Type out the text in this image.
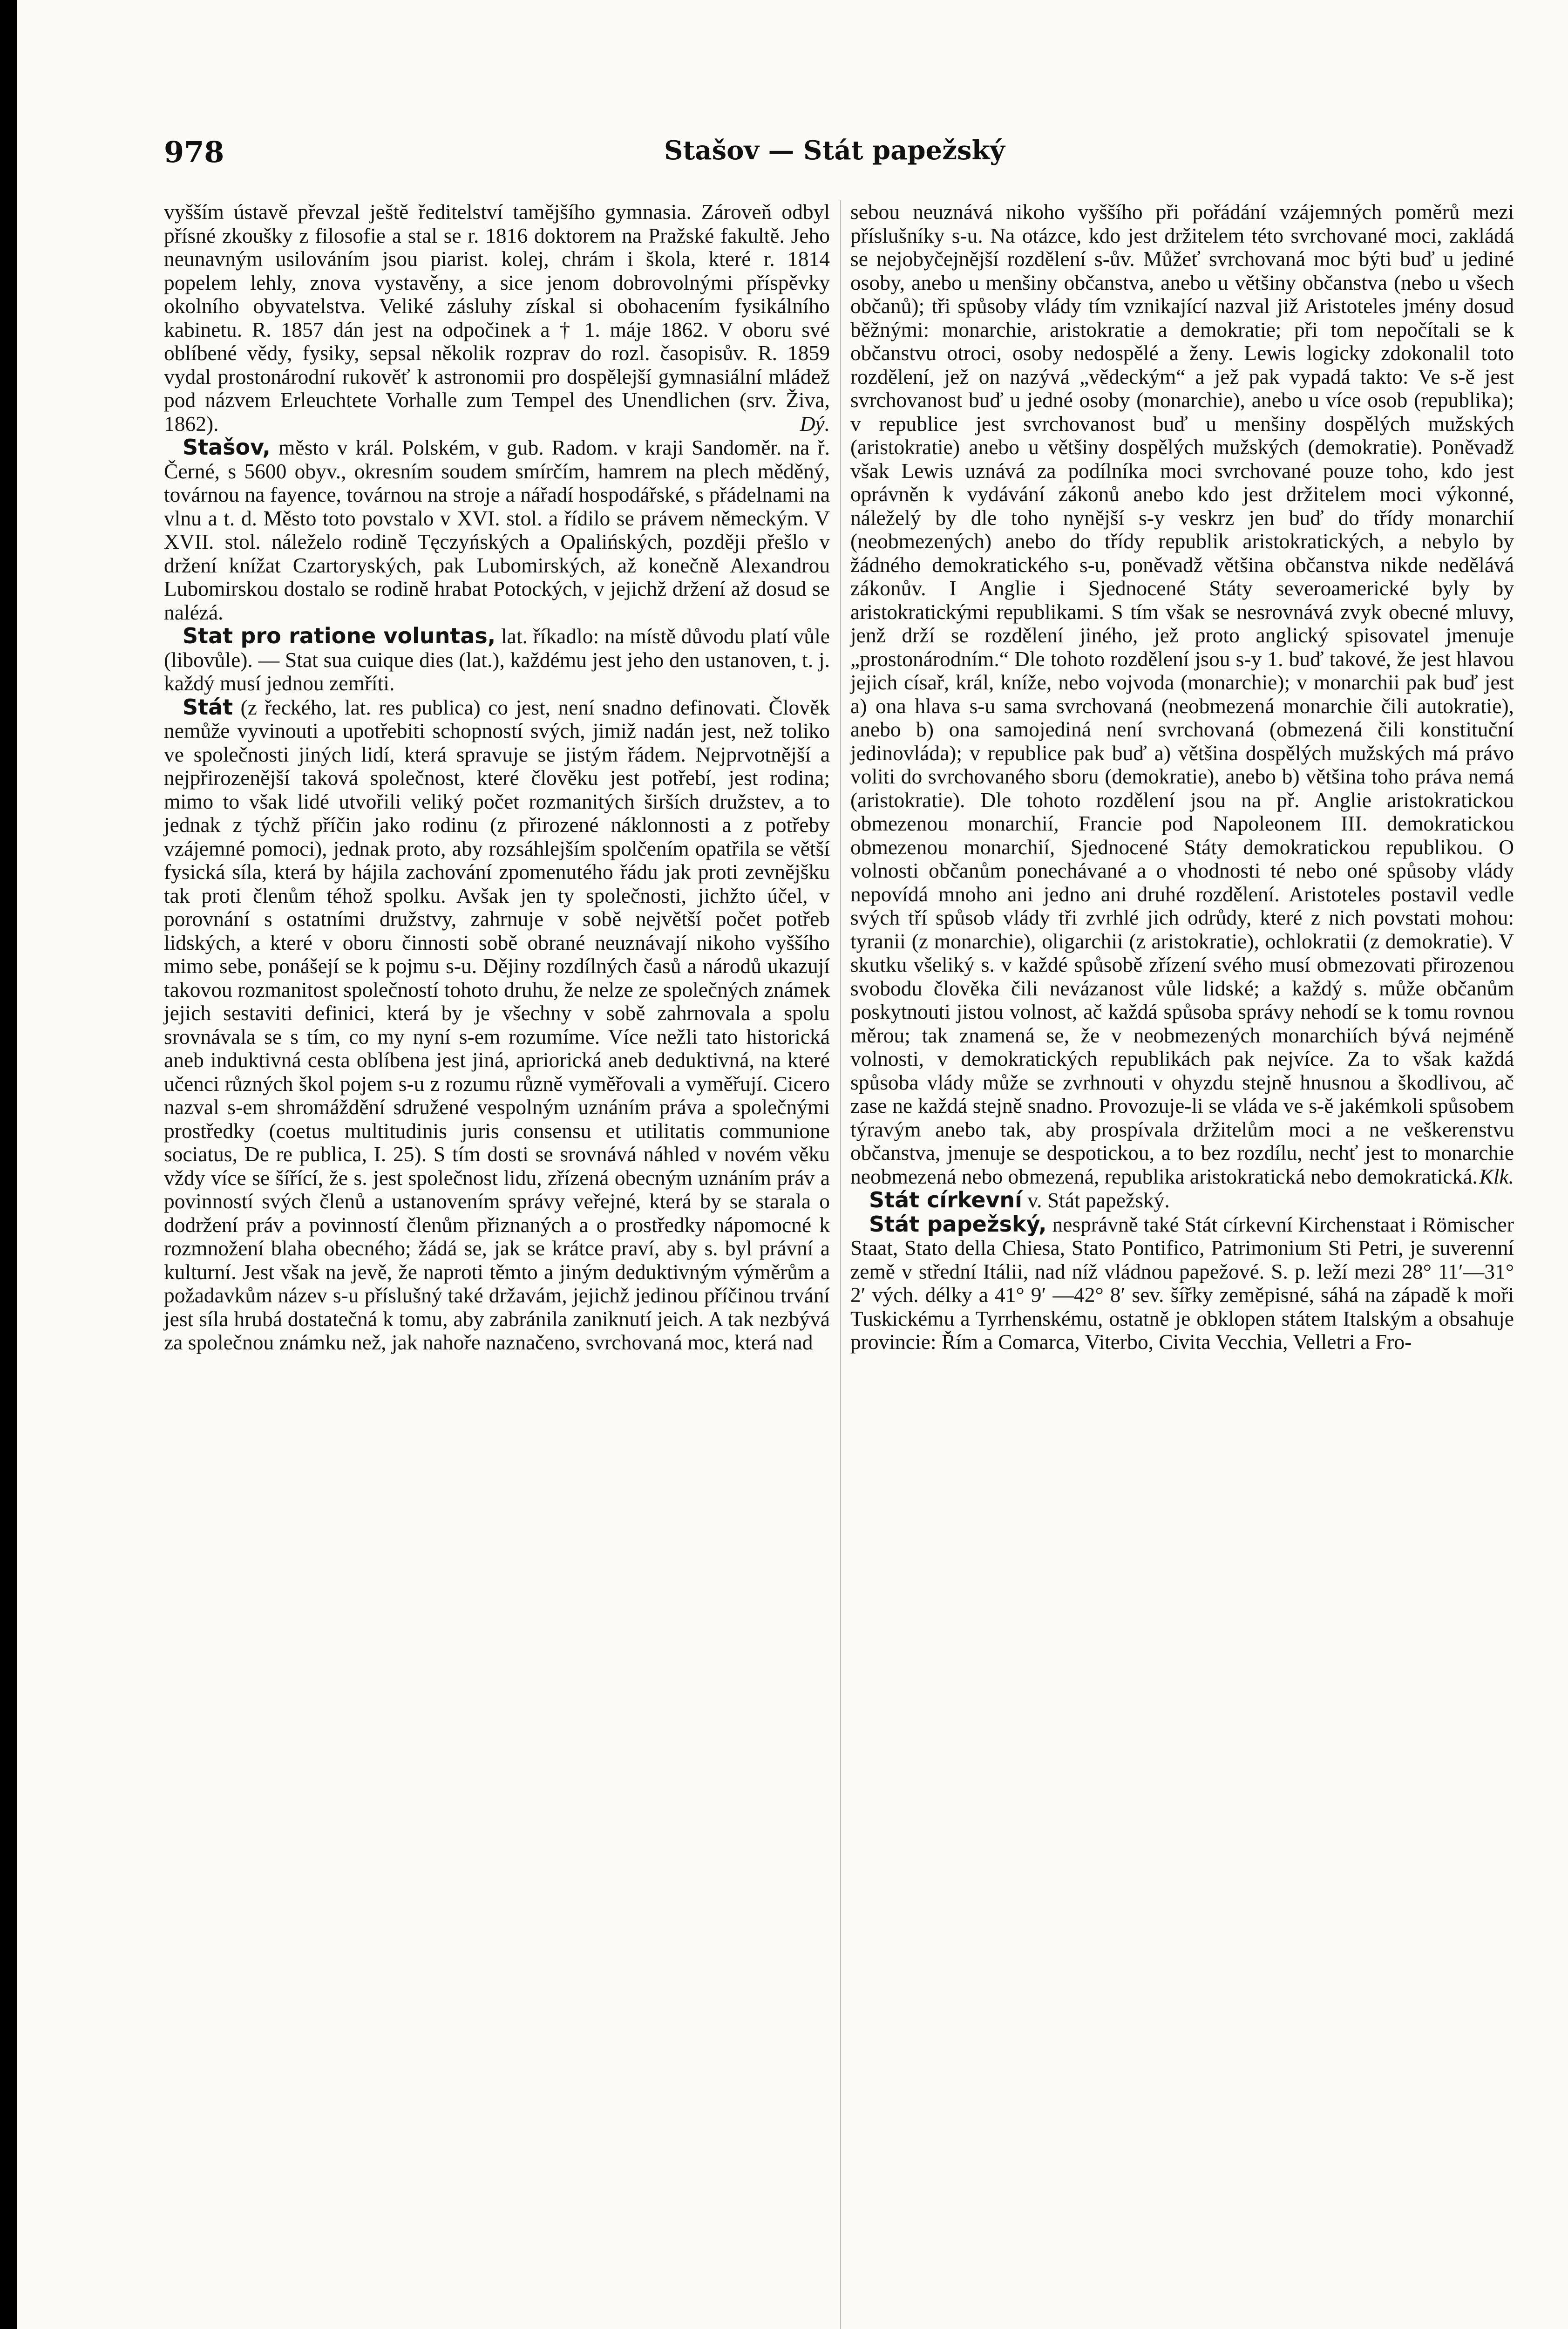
978	Stašov — Stát papežský

vyšším ústavě převzal ještě ředitelství tamějšího gymnasia. Zároveň odbyl přísné zkoušky z filosofie a stal se r. 1816 doktorem na Pražské fakultě. Jeho neunavným usilováním jsou piarist. kolej, chrám i škola, které r. 1814 popelem lehly, znova vystavěny, a sice jenom dobrovolnými příspěvky okolního obyvatelstva. Veliké zásluhy získal si obohacením fysikálního kabinetu. R. 1857 dán jest na odpočinek a † 1. máje 1862. V oboru své oblíbené vědy, fysiky, sepsal několik rozprav do rozl. časopisův. R. 1859 vydal prostonárodní rukověť k astronomii pro dospělejší gymnasiální mládež pod názvem Erleuchtete Vorhalle zum Tempel des Unendlichen (srv. Živa, 1862).	Dý.

Stašov, město v král. Polském, v gub. Radom. v kraji Sandoměr. na ř. Černé, s 5600 obyv., okresním soudem smírčím, hamrem na plech měděný, továrnou na fayence, továrnou na stroje a nářadí hospodářské, s přádelnami na vlnu a t. d. Město toto povstalo v XVI. stol. a řídilo se právem německým. V XVII. stol. náleželo rodině Tęczyńských a Opalińských, později přešlo v držení knížat Czartoryských, pak Lubomirských, až konečně Alexandrou Lubomirskou dostalo se rodině hrabat Potockých, v jejichž držení až dosud se nalézá.

Stat pro ratione voluntas, lat. říkadlo: na místě důvodu platí vůle (libovůle). — Stat sua cuique dies (lat.), každému jest jeho den ustanoven, t. j. každý musí jednou zemříti.

Stát (z řeckého, lat. res publica) co jest, není snadno definovati. Člověk nemůže vyvinouti a upotřebiti schopností svých, jimiž nadán jest, než toliko ve společnosti jiných lidí, která spravuje se jistým řádem. Nejprvotnější a nejpřirozenější taková společnost, které člověku jest potřebí, jest rodina; mimo to však lidé utvořili veliký počet rozmanitých širších družstev, a to jednak z týchž příčin jako rodinu (z přirozené náklonnosti a z potřeby vzájemné pomoci), jednak proto, aby rozsáhlejším spolčením opatřila se větší fysická síla, která by hájila zachování zpomenutého řádu jak proti zevnějšku tak proti členům téhož spolku. Avšak jen ty společnosti, jichžto účel, v porovnání s ostatními družstvy, zahrnuje v sobě největší počet potřeb lidských, a které v oboru činnosti sobě obrané neuznávají nikoho vyššího mimo sebe, ponášejí se k pojmu s-u. Dějiny rozdílných časů a národů ukazují takovou rozmanitost společností tohoto druhu, že nelze ze společných známek jejich sestaviti definici, která by je všechny v sobě zahrnovala a spolu srovnávala se s tím, co my nyní s-em rozumíme. Více nežli tato historická aneb induktivná cesta oblíbena jest jiná, apriorická aneb deduktivná, na které učenci různých škol pojem s-u z rozumu různě vyměřovali a vyměřují. Cicero nazval s-em shromáždění sdružené vespolným uznáním práva a společnými prostředky (coetus multitudinis juris consensu et utilitatis communione sociatus, De re publica, I. 25). S tím dosti se srovnává náhled v novém věku vždy více se šířící, že s. jest společnost lidu, zřízená obecným uznáním práv a povinností svých členů a ustanovením správy veřejné, která by se starala o dodržení práv a povinností členům přiznaných a o prostředky nápomocné k rozmnožení blaha obecného; žádá se, jak se krátce praví, aby s. byl právní a kulturní. Jest však na jevě, že naproti těmto a jiným deduktivným výměrům a požadavkům název s-u příslušný také državám, jejichž jedinou příčinou trvání jest síla hrubá dostatečná k tomu, aby zabránila zaniknutí jeich. A tak nezbývá za společnou známku než, jak nahoře naznačeno, svrchovaná moc, která nad

sebou neuznává nikoho vyššího při pořádání vzájemných poměrů mezi příslušníky s-u. Na otázce, kdo jest držitelem této svrchované moci, zakládá se nejobyčejnější rozdělení s-ův. Můžeť svrchovaná moc býti buď u jediné osoby, anebo u menšiny občanstva, anebo u většiny občanstva (nebo u všech občanů); tři spůsoby vlády tím vznikající nazval již Aristoteles jmény dosud běžnými: monarchie, aristokratie a demokratie; při tom nepočítali se k občanstvu otroci, osoby nedospělé a ženy. Lewis logicky zdokonalil toto rozdělení, jež on nazývá „vědeckým“ a jež pak vypadá takto: Ve s-ě jest svrchovanost buď u jedné osoby (monarchie), anebo u více osob (republika); v republice jest svrchovanost buď u menšiny dospělých mužských (aristokratie) anebo u většiny dospělých mužských (demokratie). Poněvadž však Lewis uznává za podílníka moci svrchované pouze toho, kdo jest oprávněn k vydávání zákonů anebo kdo jest držitelem moci výkonné, náleželý by dle toho nynější s-y veskrz jen buď do třídy monarchií (neobmezených) anebo do třídy republik aristokratických, a nebylo by žádného demokratického s-u, poněvadž většina občanstva nikde nedělává zákonův. I Anglie i Sjednocené Státy severoamerické byly by aristokratickými republikami. S tím však se nesrovnává zvyk obecné mluvy, jenž drží se rozdělení jiného, jež proto anglický spisovatel jmenuje „prostonárodním.“ Dle tohoto rozdělení jsou s-y 1. buď takové, že jest hlavou jejich císař, král, kníže, nebo vojvoda (monarchie); v monarchii pak buď jest a) ona hlava s-u sama svrchovaná (neobmezená monarchie čili autokratie), anebo b) ona samojediná není svrchovaná (obmezená čili konstituční jedinovláda); v republice pak buď a) většina dospělých mužských má právo voliti do svrchovaného sboru (demokratie), anebo b) většina toho práva nemá (aristokratie). Dle tohoto rozdělení jsou na př. Anglie aristokratickou obmezenou monarchií, Francie pod Napoleonem III. demokratickou obmezenou monarchií, Sjednocené Státy demokratickou republikou. O volnosti občanům ponechávané a o vhodnosti té nebo oné spůsoby vlády nepovídá mnoho ani jedno ani druhé rozdělení. Aristoteles postavil vedle svých tří spůsob vlády tři zvrhlé jich odrůdy, které z nich povstati mohou: tyranii (z monarchie), oligarchii (z aristokratie), ochlokratii (z demokratie). V skutku všeliký s. v každé spůsobě zřízení svého musí obmezovati přirozenou svobodu člověka čili nevázanost vůle lidské; a každý s. může občanům poskytnouti jistou volnost, ač každá spůsoba správy nehodí se k tomu rovnou měrou; tak znamená se, že v neobmezených monarchiích bývá nejméně volnosti, v demokratických republikách pak nejvíce. Za to však každá spůsoba vlády může se zvrhnouti v ohyzdu stejně hnusnou a škodlivou, ač zase ne každá stejně snadno. Provozuje-li se vláda ve s-ě jakémkoli spůsobem týravým anebo tak, aby prospívala držitelům moci a ne veškerenstvu občanstva, jmenuje se despotickou, a to bez rozdílu, nechť jest to monarchie neobmezená nebo obmezená, republika aristokratická nebo demokratická. Klk.

Stát církevní v. Stát papežský.

Stát papežský, nesprávně také Stát církevní Kirchenstaat i Römischer Staat, Stato della Chiesa, Stato Pontifico, Patrimonium Sti Petri, je suverenní země v střední Itálii, nad níž vládnou papežové. S. p. leží mezi 28° 11′—31° 2′ vých. délky a 41° 9′ —42° 8′ sev. šířky zeměpisné, sáhá na západě k moři Tuskickému a Tyrrhenskému, ostatně je obklopen státem Italským a obsahuje provincie: Řím a Comarca, Viterbo, Civita Vecchia, Velletri a Fro-
